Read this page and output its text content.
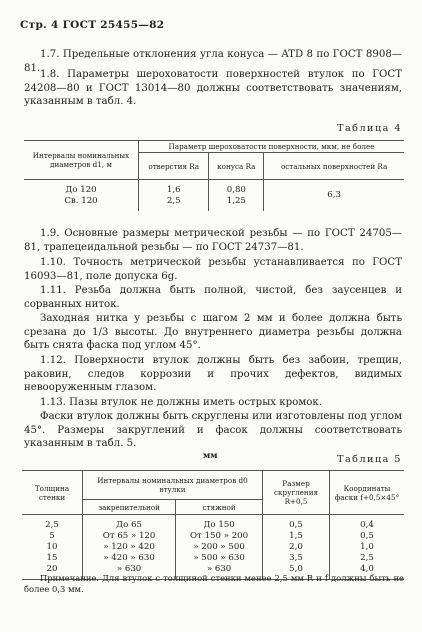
Стр. 4 ГОСТ 25455—82
1.7. Предельные отклонения угла конуса — ATD 8 по ГОСТ 8908—81.
1.8. Параметры шероховатости поверхностей втулок по ГОСТ 24208—80 и ГОСТ 13014—80 должны соответствовать значениям, указанным в табл. 4.
Таблица 4
Интервалы номинальных диаметров d1, м	Параметр шероховатости поверхности, мкм, не более		
	отверстия Ra	конуса Ra	остальных поверхностей Ra
До 120	1,6	0,80	6,3
Св. 120	2,5	1,25	
1.9. Основные размеры метрической резьбы — по ГОСТ 24705—81, трапецеидальной резьбы — по ГОСТ 24737—81.
1.10. Точность метрической резьбы устанавливается по ГОСТ 16093—81, поле допуска 6g.
1.11. Резьба должна быть полной, чистой, без заусенцев и сорванных ниток.
Заходная нитка у резьбы с шагом 2 мм и более должна быть срезана до 1/3 высоты. До внутреннего диаметра резьбы должна быть снята фаска под углом 45°.
1.12. Поверхности втулок должны быть без забоин, трещин, раковин, следов коррозии и прочих дефектов, видимых невооруженным глазом.
1.13. Пазы втулок не должны иметь острых кромок.
Фаски втулок должны быть скруглены или изготовлены под углом 45°. Размеры закруглений и фасок должны соответствовать указанным в табл. 5.
мм	Таблица 5
Толщина стенки	Интервалы номинальных диаметров d0 втулки		Размер скругления R+0,5	Координаты фаски f+0,5×45°
	закрепительной	стяжной		
2,5	До 65	До 150	0,5	0,4
5	От 65 » 120	От 150 » 200	1,5	0,5
10	» 120 » 420	» 200 » 500	2,0	1,0
15	» 420 » 630	» 500 » 630	3,5	2,5
20	» 630	» 630	5,0	4,0
Примечание. Для втулок с толщиной стенки менее 2,5 мм R и f должны быть не более 0,3 мм.
